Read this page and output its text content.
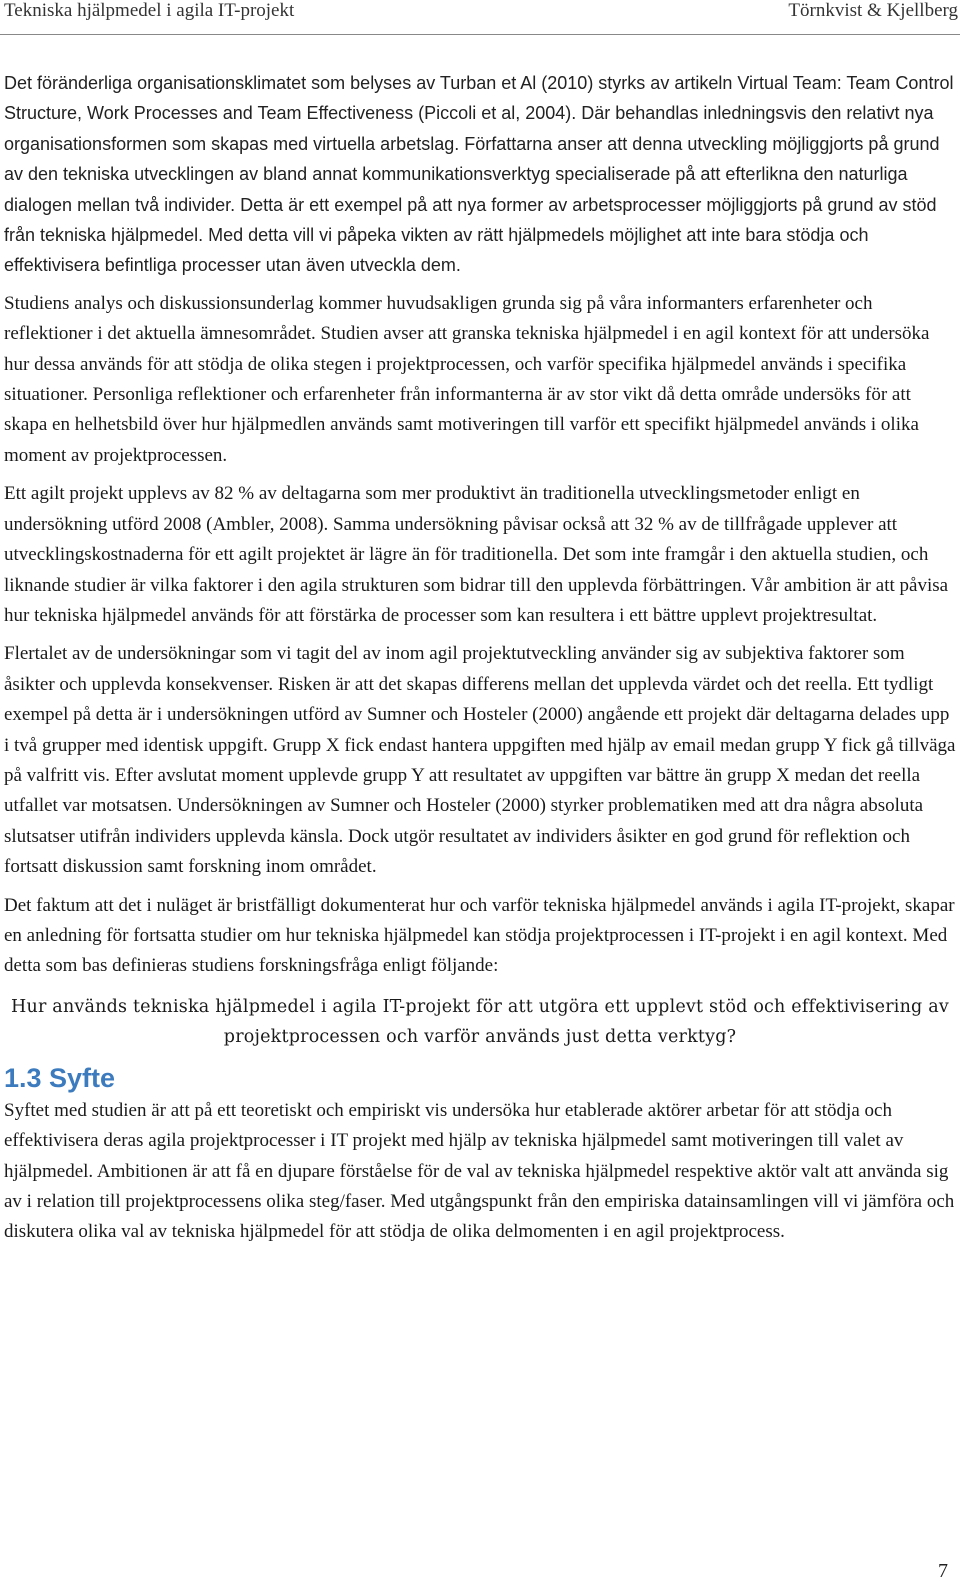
Tekniska hjälpmedel i agila IT-projekt	Törnkvist & Kjellberg

Det föränderliga organisationsklimatet som belyses av Turban et Al (2010) styrks av artikeln Virtual Team: Team Control Structure, Work Processes and Team Effectiveness (Piccoli et al, 2004). Där behandlas inledningsvis den relativt nya organisationsformen som skapas med virtuella arbetslag. Författarna anser att denna utveckling möjliggjorts på grund av den tekniska utvecklingen av bland annat kommunikationsverktyg specialiserade på att efterlikna den naturliga dialogen mellan två individer. Detta är ett exempel på att nya former av arbetsprocesser möjliggjorts på grund av stöd från tekniska hjälpmedel. Med detta vill vi påpeka vikten av rätt hjälpmedels möjlighet att inte bara stödja och effektivisera befintliga processer utan även utveckla dem.

Studiens analys och diskussionsunderlag kommer huvudsakligen grunda sig på våra informanters erfarenheter och reflektioner i det aktuella ämnesområdet. Studien avser att granska tekniska hjälpmedel i en agil kontext för att undersöka hur dessa används för att stödja de olika stegen i projektprocessen, och varför specifika hjälpmedel används i specifika situationer. Personliga reflektioner och erfarenheter från informanterna är av stor vikt då detta område undersöks för att skapa en helhetsbild över hur hjälpmedlen används samt motiveringen till varför ett specifikt hjälpmedel används i olika moment av projektprocessen.

Ett agilt projekt upplevs av 82 % av deltagarna som mer produktivt än traditionella utvecklingsmetoder enligt en undersökning utförd 2008 (Ambler, 2008). Samma undersökning påvisar också att 32 % av de tillfrågade upplever att utvecklingskostnaderna för ett agilt projektet är lägre än för traditionella. Det som inte framgår i den aktuella studien, och liknande studier är vilka faktorer i den agila strukturen som bidrar till den upplevda förbättringen. Vår ambition är att påvisa hur tekniska hjälpmedel används för att förstärka de processer som kan resultera i ett bättre upplevt projektresultat.

Flertalet av de undersökningar som vi tagit del av inom agil projektutveckling använder sig av subjektiva faktorer som åsikter och upplevda konsekvenser. Risken är att det skapas differens mellan det upplevda värdet och det reella. Ett tydligt exempel på detta är i undersökningen utförd av Sumner och Hosteler (2000) angående ett projekt där deltagarna delades upp i två grupper med identisk uppgift. Grupp X fick endast hantera uppgiften med hjälp av email medan grupp Y fick gå tillväga på valfritt vis. Efter avslutat moment upplevde grupp Y att resultatet av uppgiften var bättre än grupp X medan det reella utfallet var motsatsen. Undersökningen av Sumner och Hosteler (2000) styrker problematiken med att dra några absoluta slutsatser utifrån individers upplevda känsla. Dock utgör resultatet av individers åsikter en god grund för reflektion och fortsatt diskussion samt forskning inom området.

Det faktum att det i nuläget är bristfälligt dokumenterat hur och varför tekniska hjälpmedel används i agila IT-projekt, skapar en anledning för fortsatta studier om hur tekniska hjälpmedel kan stödja projektprocessen i IT-projekt i en agil kontext. Med detta som bas definieras studiens forskningsfråga enligt följande:

Hur används tekniska hjälpmedel i agila IT-projekt för att utgöra ett upplevt stöd och effektivisering av projektprocessen och varför används just detta verktyg?

1.3 Syfte

Syftet med studien är att på ett teoretiskt och empiriskt vis undersöka hur etablerade aktörer arbetar för att stödja och effektivisera deras agila projektprocesser i IT projekt med hjälp av tekniska hjälpmedel samt motiveringen till valet av hjälpmedel. Ambitionen är att få en djupare förståelse för de val av tekniska hjälpmedel respektive aktör valt att använda sig av i relation till projektprocessens olika steg/faser. Med utgångspunkt från den empiriska datainsamlingen vill vi jämföra och diskutera olika val av tekniska hjälpmedel för att stödja de olika delmomenten i en agil projektprocess.

7
